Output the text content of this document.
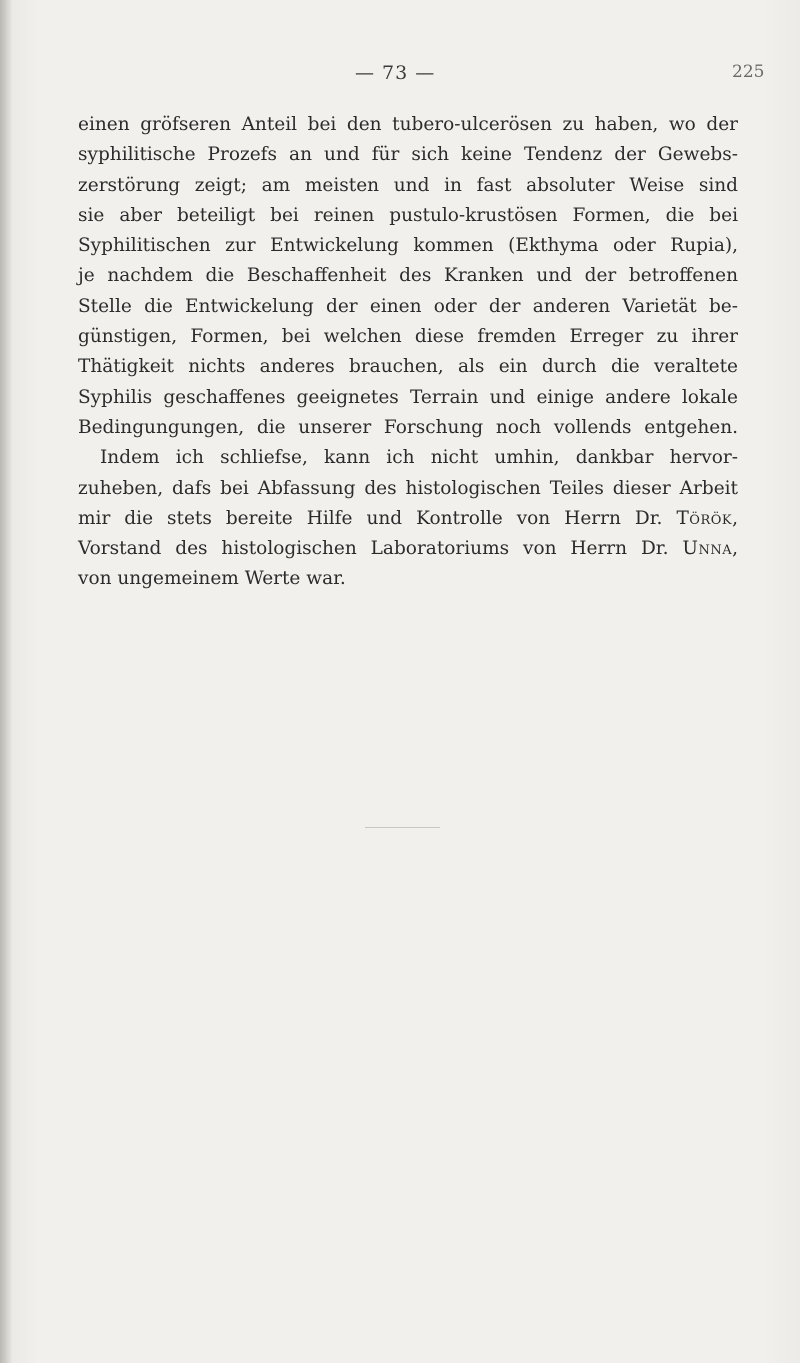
— 73 —	225
einen gröfseren Anteil bei den tubero-ulcerösen zu haben, wo der
syphilitische Prozefs an und für sich keine Tendenz der Gewebs-
zerstörung zeigt; am meisten und in fast absoluter Weise sind
sie aber beteiligt bei reinen pustulo-krustösen Formen, die bei
Syphilitischen zur Entwickelung kommen (Ekthyma oder Rupia),
je nachdem die Beschaffenheit des Kranken und der betroffenen
Stelle die Entwickelung der einen oder der anderen Varietät be-
günstigen, Formen, bei welchen diese fremden Erreger zu ihrer
Thätigkeit nichts anderes brauchen, als ein durch die veraltete
Syphilis geschaffenes geeignetes Terrain und einige andere lokale
Bedingungungen, die unserer Forschung noch vollends entgehen.
Indem ich schliefse, kann ich nicht umhin, dankbar hervor-
zuheben, dafs bei Abfassung des histologischen Teiles dieser Arbeit
mir die stets bereite Hilfe und Kontrolle von Herrn Dr. Török,
Vorstand des histologischen Laboratoriums von Herrn Dr. Unna,
von ungemeinem Werte war.
